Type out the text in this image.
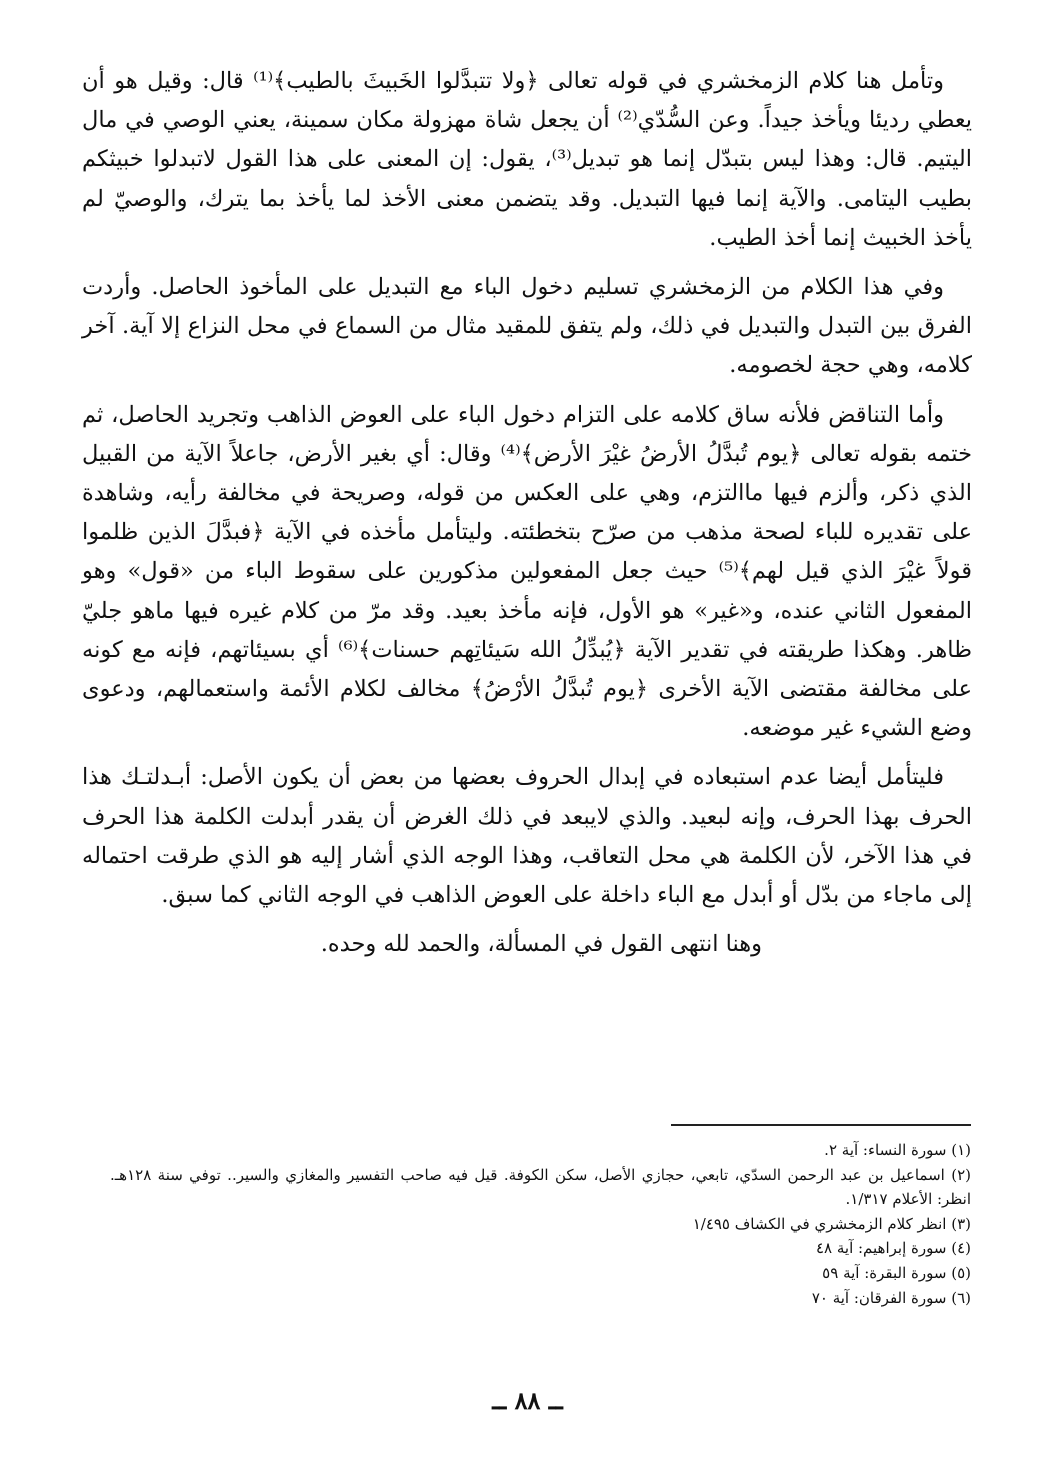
وتأمل هنا كلام الزمخشري في قوله تعالى ﴿ولا تتبدَّلوا الخَبيثَ بالطيب﴾⁽¹⁾ قال: وقيل هو أن يعطي رديئا ويأخذ جيداً. وعن السُّدّي⁽²⁾ أن يجعل شاة مهزولة مكان سمينة، يعني الوصي في مال اليتيم. قال: وهذا ليس بتبدّل إنما هو تبديل⁽³⁾، يقول: إن المعنى على هذا القول لاتبدلوا خبيثكم بطيب اليتامى. والآية إنما فيها التبديل. وقد يتضمن معنى الأخذ لما يأخذ بما يترك، والوصيّ لم يأخذ الخبيث إنما أخذ الطيب.

وفي هذا الكلام من الزمخشري تسليم دخول الباء مع التبديل على المأخوذ الحاصل. وأردت الفرق بين التبدل والتبديل في ذلك، ولم يتفق للمقيد مثال من السماع في محل النزاع إلا آية. آخر كلامه، وهي حجة لخصومه.

وأما التناقض فلأنه ساق كلامه على التزام دخول الباء على العوض الذاهب وتجريد الحاصل، ثم ختمه بقوله تعالى ﴿يوم تُبدَّلُ الأرضُ غيْرَ الأرض﴾⁽⁴⁾ وقال: أي بغير الأرض، جاعلاً الآية من القبيل الذي ذكر، وألزم فيها ماالتزم، وهي على العكس من قوله، وصريحة في مخالفة رأيه، وشاهدة على تقديره للباء لصحة مذهب من صرّح بتخطئته. وليتأمل مأخذه في الآية ﴿فبدَّلَ الذين ظلموا قولاً غيْرَ الذي قيل لهم﴾⁽⁵⁾ حيث جعل المفعولين مذكورين على سقوط الباء من «قول» وهو المفعول الثاني عنده، و«غير» هو الأول، فإنه مأخذ بعيد. وقد مرّ من كلام غيره فيها ماهو جليّ ظاهر. وهكذا طريقته في تقدير الآية ﴿يُبدِّلُ الله سَيئاتِهم حسنات﴾⁽⁶⁾ أي بسيئاتهم، فإنه مع كونه على مخالفة مقتضى الآية الأخرى ﴿يوم تُبدَّلُ الأرْضُ﴾ مخالف لكلام الأئمة واستعمالهم، ودعوى وضع الشيء غير موضعه.

فليتأمل أيضا عدم استبعاده في إبدال الحروف بعضها من بعض أن يكون الأصل: أبـدلتـك هذا الحرف بهذا الحرف، وإنه لبعيد. والذي لايبعد في ذلك الغرض أن يقدر أبدلت الكلمة هذا الحرف في هذا الآخر، لأن الكلمة هي محل التعاقب، وهذا الوجه الذي أشار إليه هو الذي طرقت احتماله إلى ماجاء من بدّل أو أبدل مع الباء داخلة على العوض الذاهب في الوجه الثاني كما سبق.

وهنا انتهى القول في المسألة، والحمد لله وحده.

(١) سورة النساء: آية ٢.

(٢) اسماعيل بن عبد الرحمن السدّي، تابعي، حجازي الأصل، سكن الكوفة. قيل فيه صاحب التفسير والمغازي والسير.. توفي سنة ١٢٨هـ. انظر: الأعلام ١/٣١٧.

(٣) انظر كلام الزمخشري في الكشاف ١/٤٩٥

(٤) سورة إبراهيم: آية ٤٨

(٥) سورة البقرة: آية ٥٩

(٦) سورة الفرقان: آية ٧٠

ــ ٨٨ ــ
